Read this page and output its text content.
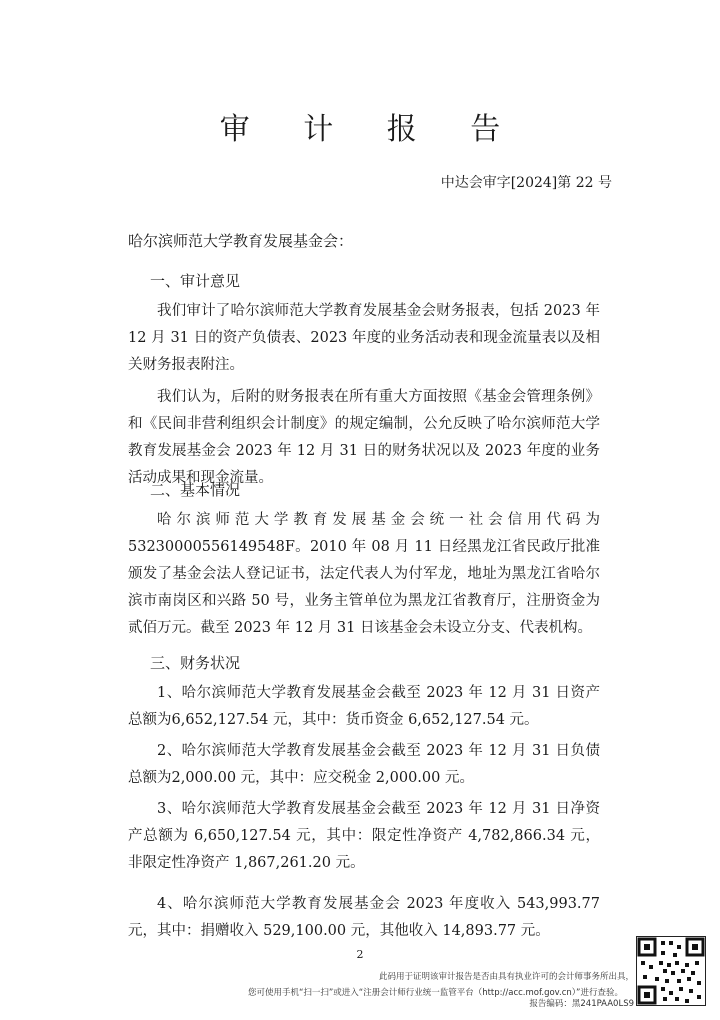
审 计 报 告
中达会审字[2024]第 22 号
哈尔滨师范大学教育发展基金会：
一、审计意见
我们审计了哈尔滨师范大学教育发展基金会财务报表，包括 2023 年 12 月 31 日的资产负债表、2023 年度的业务活动表和现金流量表以及相关财务报表附注。
我们认为，后附的财务报表在所有重大方面按照《基金会管理条例》和《民间非营利组织会计制度》的规定编制，公允反映了哈尔滨师范大学教育发展基金会 2023 年 12 月 31 日的财务状况以及 2023 年度的业务活动成果和现金流量。
二、基本情况
哈尔滨师范大学教育发展基金会统一社会信用代码为53230000556149548F。2010 年 08 月 11 日经黑龙江省民政厅批准颁发了基金会法人登记证书，法定代表人为付军龙，地址为黑龙江省哈尔滨市南岗区和兴路 50 号，业务主管单位为黑龙江省教育厅，注册资金为贰佰万元。截至 2023 年 12 月 31 日该基金会未设立分支、代表机构。
三、财务状况
1、哈尔滨师范大学教育发展基金会截至 2023 年 12 月 31 日资产总额为6,652,127.54 元，其中：货币资金 6,652,127.54 元。
2、哈尔滨师范大学教育发展基金会截至 2023 年 12 月 31 日负债总额为2,000.00 元，其中：应交税金 2,000.00 元。
3、哈尔滨师范大学教育发展基金会截至 2023 年 12 月 31 日净资产总额为 6,650,127.54 元，其中：限定性净资产 4,782,866.34 元，非限定性净资产 1,867,261.20 元。
4、哈尔滨师范大学教育发展基金会 2023 年度收入 543,993.77 元，其中：捐赠收入 529,100.00 元，其他收入 14,893.77 元。
2
此码用于证明该审计报告是否由具有执业许可的会计师事务所出具，
您可使用手机“扫一扫”或进入“注册会计师行业统一监管平台（http://acc.mof.gov.cn）”进行查验。
报告编码：黑241PAA0LS9
